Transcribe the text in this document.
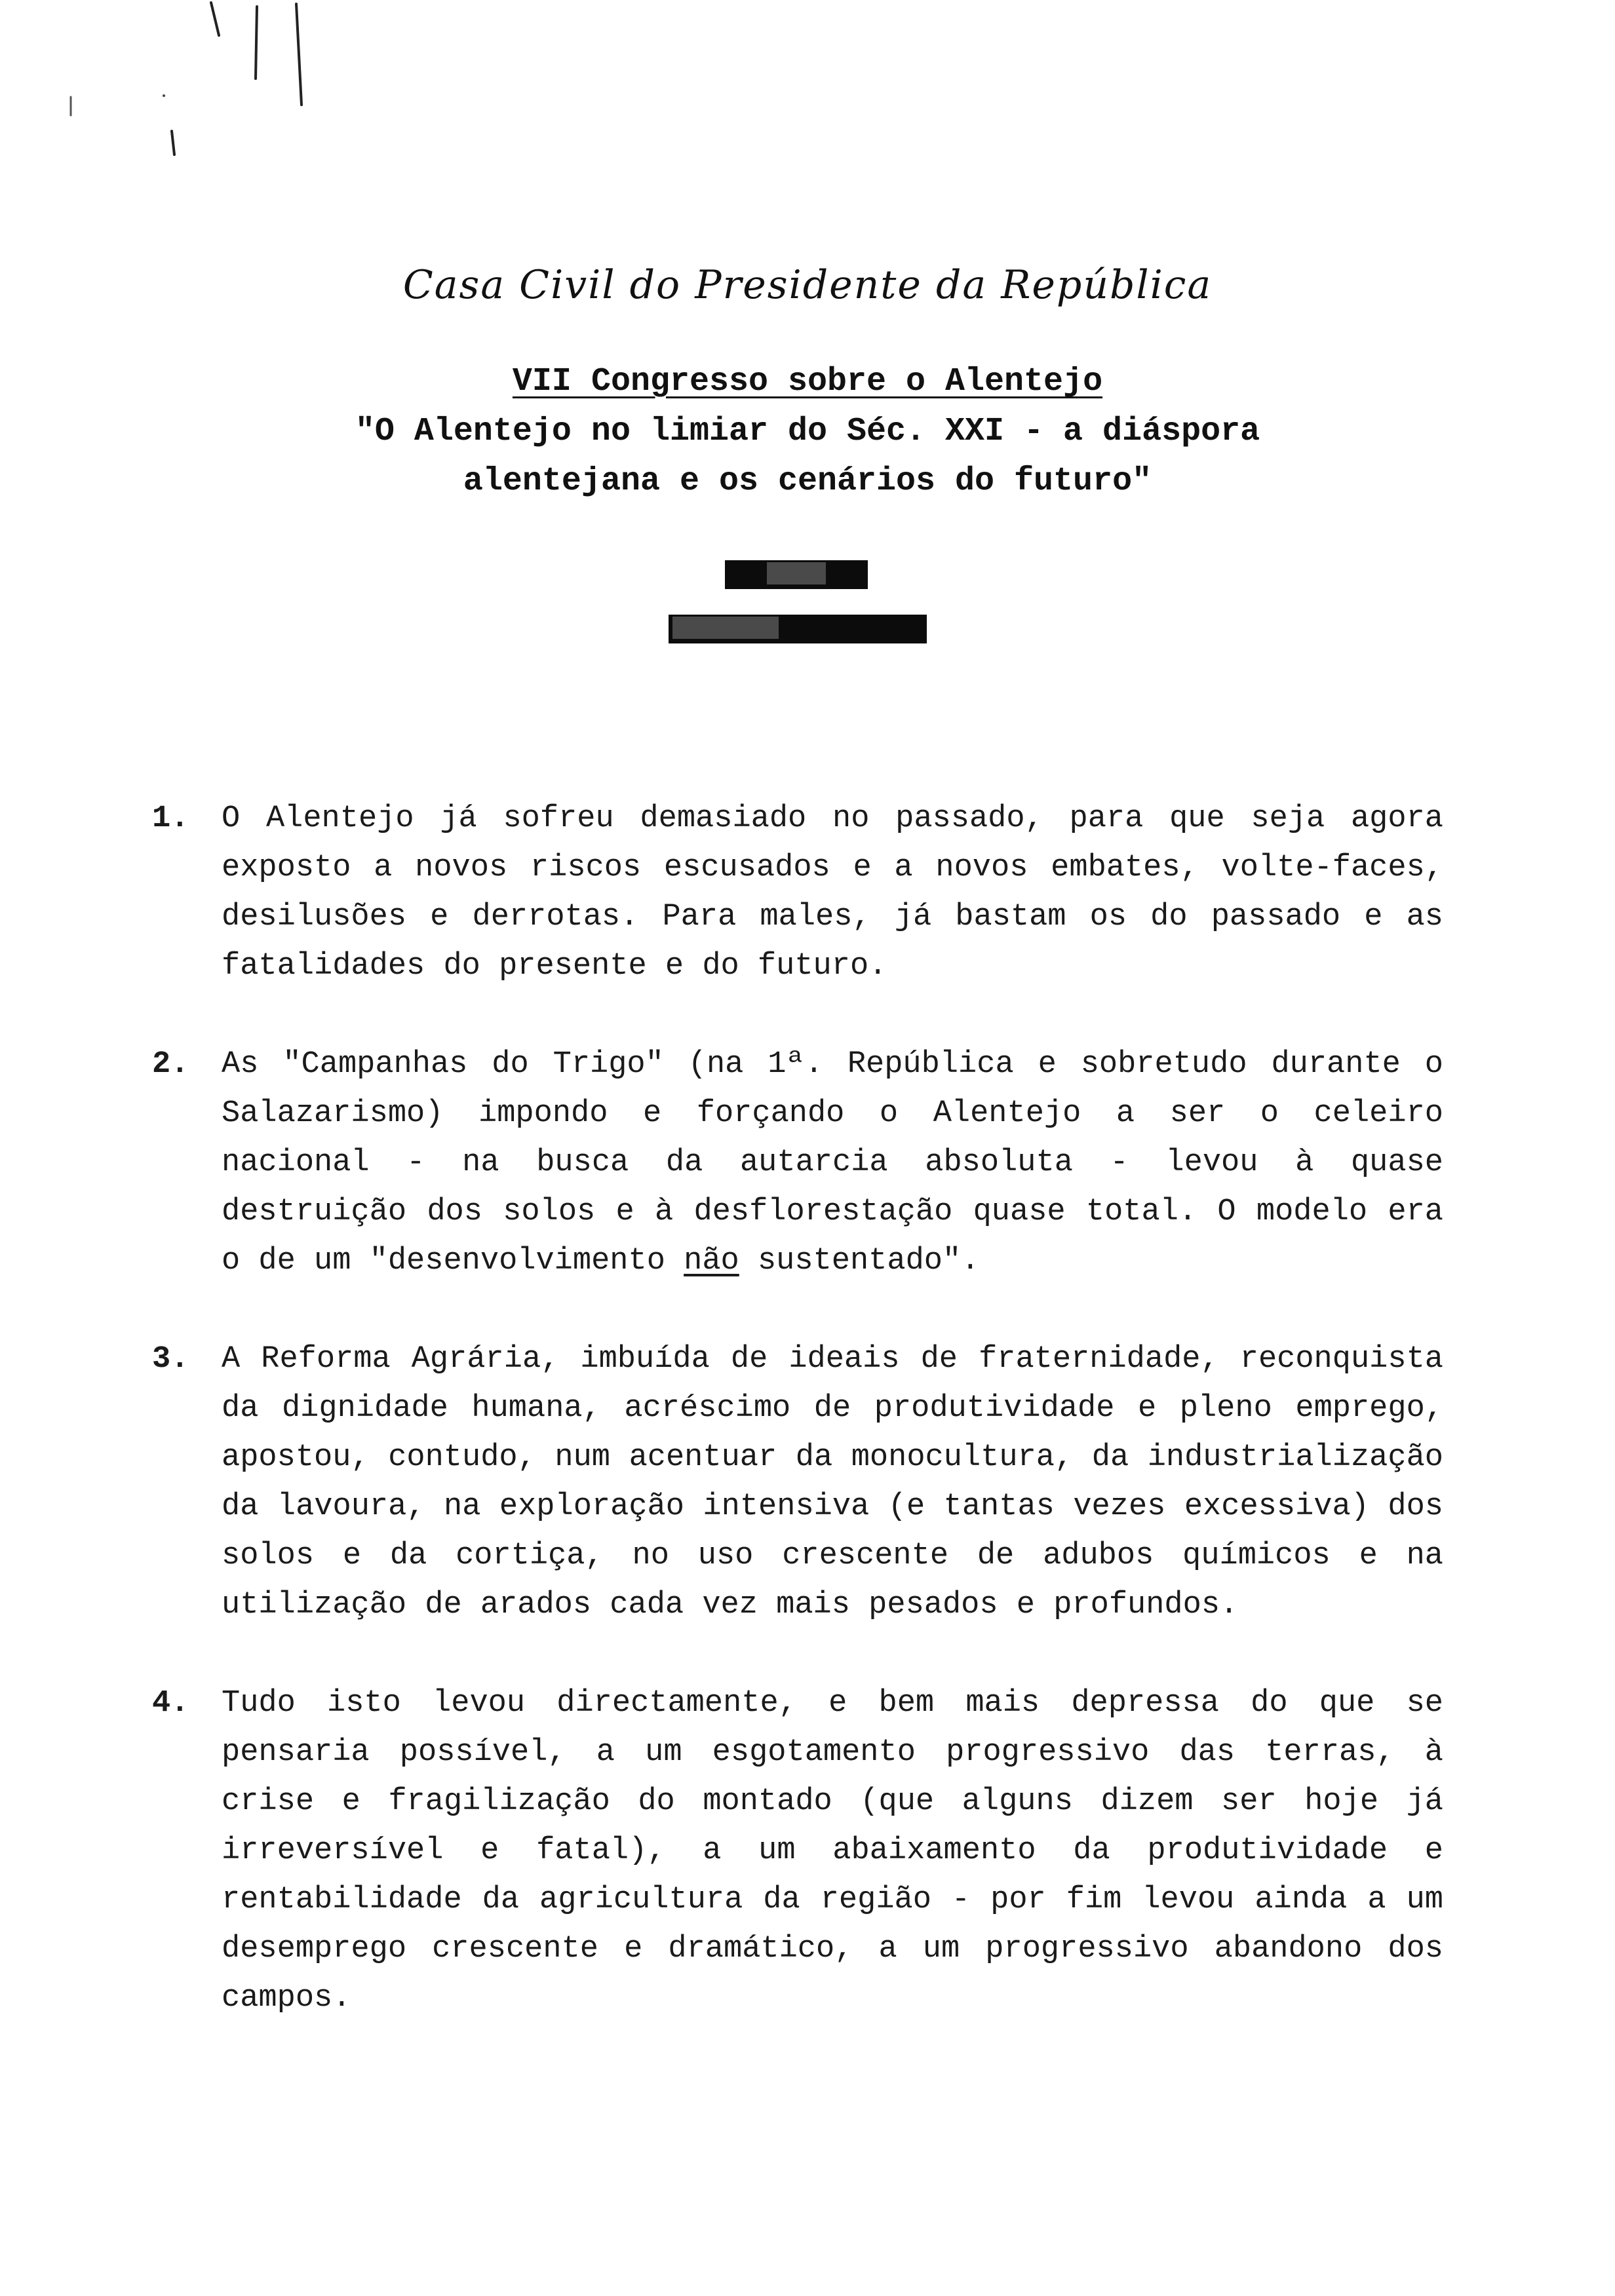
Casa Civil do Presidente da República
VII Congresso sobre o Alentejo
"O Alentejo no limiar do Séc. XXI - a diáspora
alentejana e os cenários do futuro"
█████
█████████
1. O Alentejo já sofreu demasiado no passado, para que seja agora exposto a novos riscos escusados e a novos embates, volte-faces, desilusões e derrotas. Para males, já bastam os do passado e as fatalidades do presente e do futuro.
2. As "Campanhas do Trigo" (na 1ª. República e sobretudo durante o Salazarismo) impondo e forçando o Alentejo a ser o celeiro nacional - na busca da autarcia absoluta - levou à quase destruição dos solos e à desflorestação quase total. O modelo era o de um "desenvolvimento não sustentado".
3. A Reforma Agrária, imbuída de ideais de fraternidade, reconquista da dignidade humana, acréscimo de produtividade e pleno emprego, apostou, contudo, num acentuar da monocultura, da industrialização da lavoura, na exploração intensiva (e tantas vezes excessiva) dos solos e da cortiça, no uso crescente de adubos químicos e na utilização de arados cada vez mais pesados e profundos.
4. Tudo isto levou directamente, e bem mais depressa do que se pensaria possível, a um esgotamento progressivo das terras, à crise e fragilização do montado (que alguns dizem ser hoje já irreversível e fatal), a um abaixamento da produtividade e rentabilidade da agricultura da região - por fim levou ainda a um desemprego crescente e dramático, a um progressivo abandono dos campos.
